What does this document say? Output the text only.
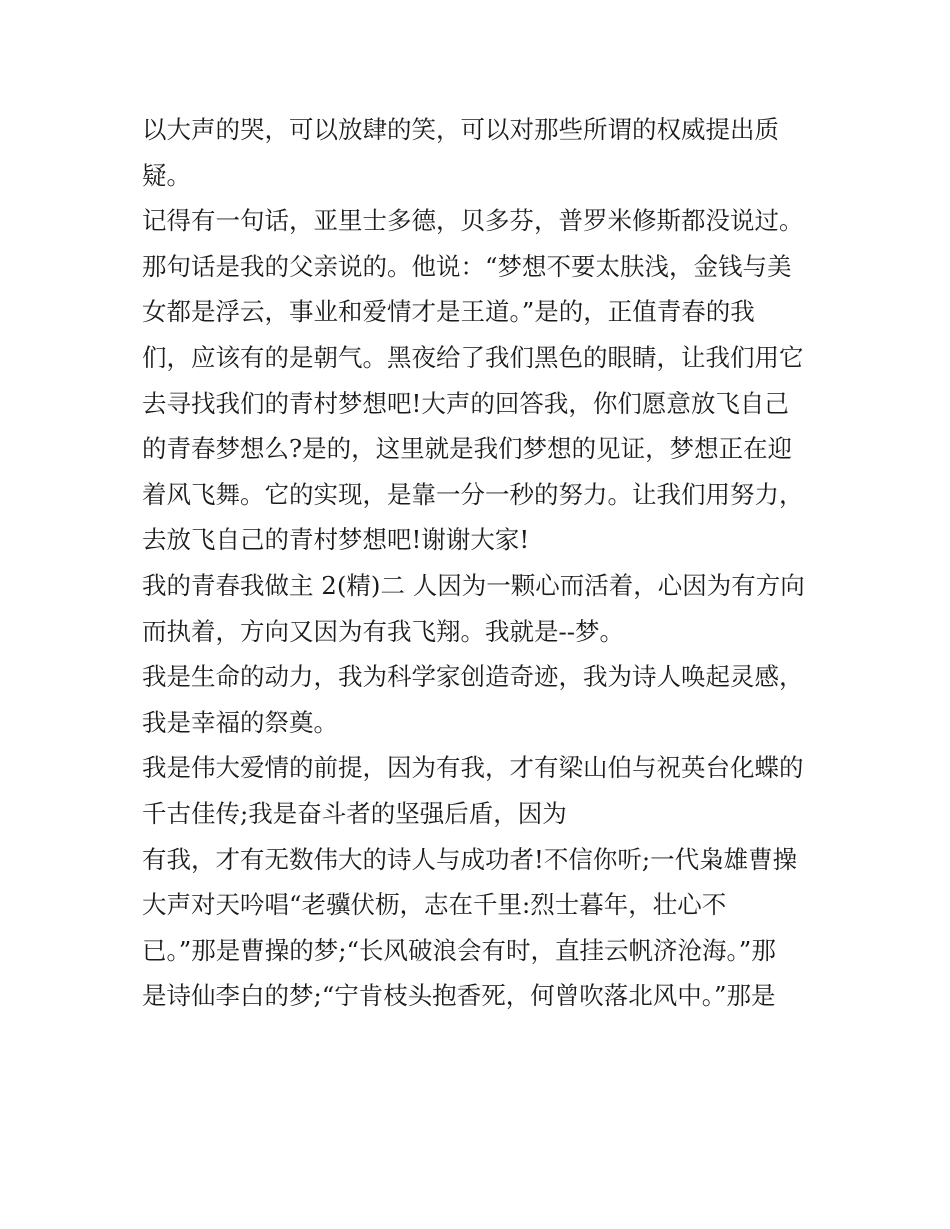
以大声的哭，可以放肆的笑，可以对那些所谓的权威提出质
疑。
记得有一句话，亚里士多德，贝多芬，普罗米修斯都没说过。
那句话是我的父亲说的。他说：“梦想不要太肤浅，金钱与美
女都是浮云，事业和爱情才是王道。”是的，正值青春的我
们，应该有的是朝气。黑夜给了我们黑色的眼睛，让我们用它
去寻找我们的青村梦想吧!大声的回答我，你们愿意放飞自己
的青春梦想么?是的，这里就是我们梦想的见证，梦想正在迎
着风飞舞。它的实现，是靠一分一秒的努力。让我们用努力，
去放飞自己的青村梦想吧!谢谢大家!
我的青春我做主 2(精)二 人因为一颗心而活着，心因为有方向
而执着，方向又因为有我飞翔。我就是--梦。
我是生命的动力，我为科学家创造奇迹，我为诗人唤起灵感，
我是幸福的祭奠。
我是伟大爱情的前提，因为有我，才有梁山伯与祝英台化蝶的
千古佳传;我是奋斗者的坚强后盾，因为
有我，才有无数伟大的诗人与成功者!不信你听;一代枭雄曹操
大声对天吟唱“老骥伏枥，志在千里:烈士暮年，壮心不
已。”那是曹操的梦;“长风破浪会有时，直挂云帆济沧海。”那
是诗仙李白的梦;“宁肯枝头抱香死，何曾吹落北风中。”那是
